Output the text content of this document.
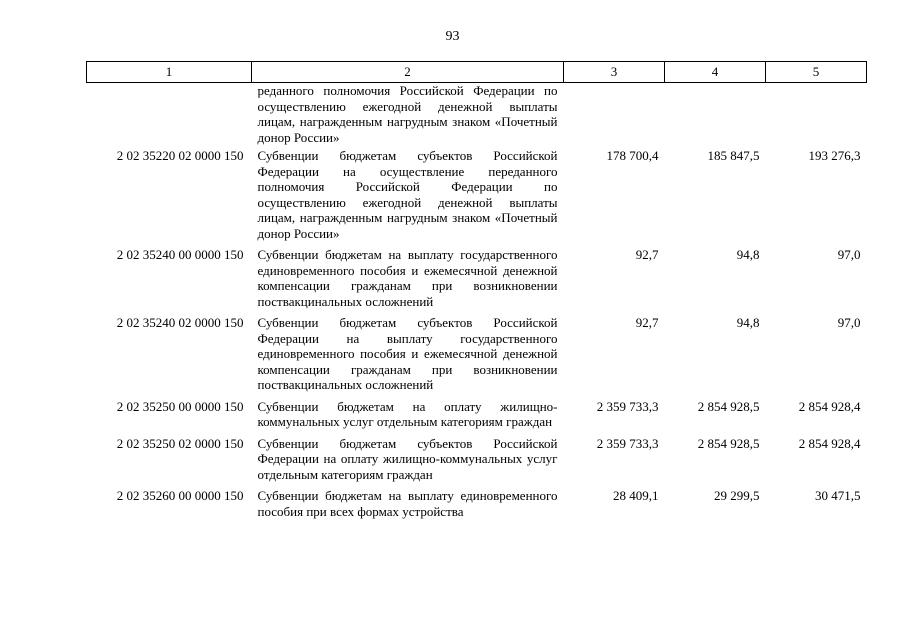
93
1	2	3	4	5
	реданного полномочия Российской Федерации по осуществлению ежегодной денежной выплаты лицам, награжденным нагрудным знаком «Почетный донор России»			
2 02 35220 02 0000 150	Субвенции бюджетам субъектов Российской Федерации на осуществление переданного полномочия Российской Федерации по осуществлению ежегодной денежной выплаты лицам, награжденным нагрудным знаком «Почетный донор России»	178 700,4	185 847,5	193 276,3
2 02 35240 00 0000 150	Субвенции бюджетам на выплату государственного единовременного пособия и ежемесячной денежной компенсации гражданам при возникновении поствакцинальных осложнений	92,7	94,8	97,0
2 02 35240 02 0000 150	Субвенции бюджетам субъектов Российской Федерации на выплату государственного единовременного пособия и ежемесячной денежной компенсации гражданам при возникновении поствакцинальных осложнений	92,7	94,8	97,0
2 02 35250 00 0000 150	Субвенции бюджетам на оплату жилищно-коммунальных услуг отдельным категориям граждан	2 359 733,3	2 854 928,5	2 854 928,4
2 02 35250 02 0000 150	Субвенции бюджетам субъектов Российской Федерации на оплату жилищно-коммунальных услуг отдельным категориям граждан	2 359 733,3	2 854 928,5	2 854 928,4
2 02 35260 00 0000 150	Субвенции бюджетам на выплату единовременного пособия при всех формах устройства	28 409,1	29 299,5	30 471,5
